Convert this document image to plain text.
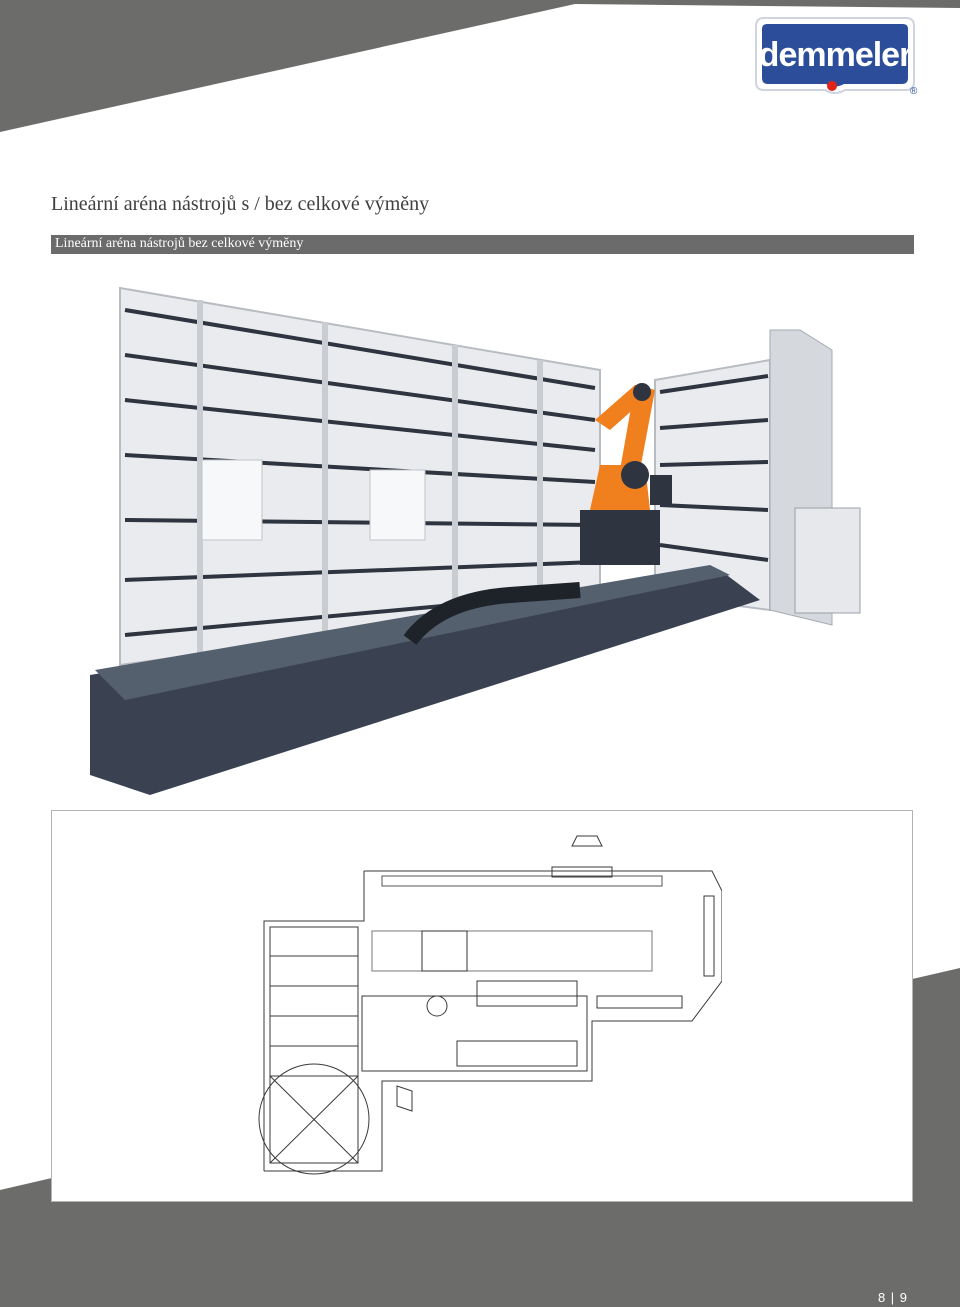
demmeler
®
Lineární aréna nástrojů s / bez celkové výměny
Lineární aréna nástrojů bez celkové výměny
8 | 9
